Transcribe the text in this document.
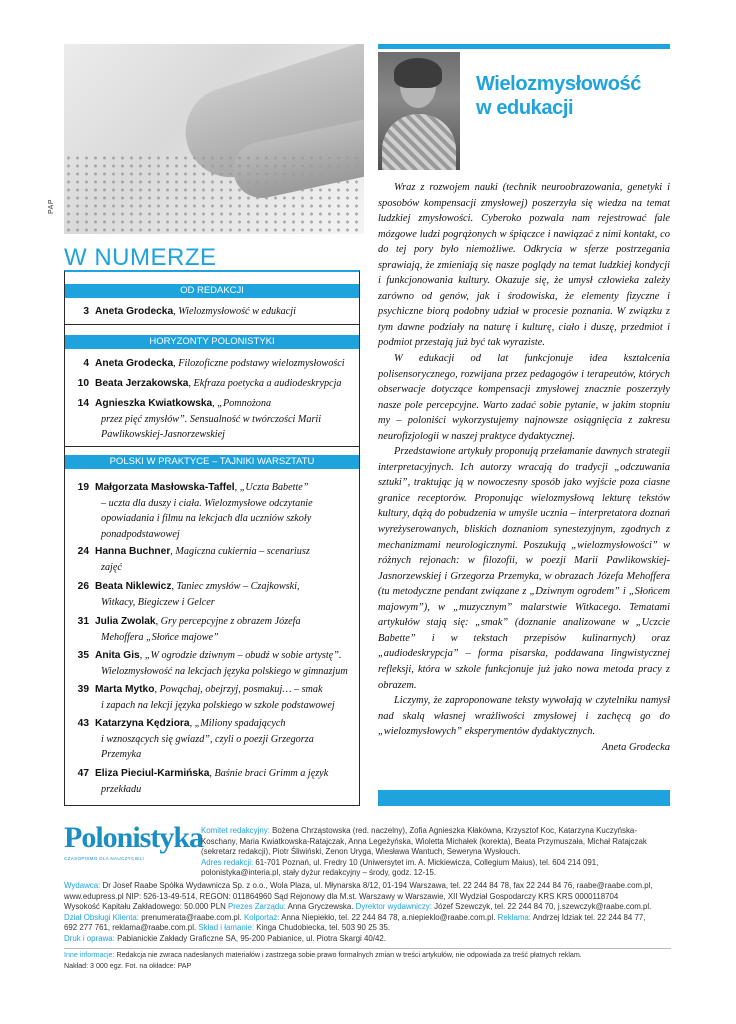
PAP
W NUMERZE
OD REDAKCJI
3 Aneta Grodecka, Wielozmysłowość w edukacji
HORYZONTY POLONISTYKI
4 Aneta Grodecka, Filozoficzne podstawy wielozmysłowości
10 Beata Jerzakowska, Ekfraza poetycka a audiodeskrypcja
14 Agnieszka Kwiatkowska, „Pomnożona
przez pięć zmysłów”. Sensualność w twórczości Marii
Pawlikowskiej-Jasnorzewskiej
POLSKI W PRAKTYCE – TAJNIKI WARSZTATU
19 Małgorzata Masłowska-Taffel, „Uczta Babette”
– uczta dla duszy i ciała. Wielozmysłowe odczytanie
opowiadania i filmu na lekcjach dla uczniów szkoły
ponadpodstawowej
24 Hanna Buchner, Magiczna cukiernia – scenariusz
zajęć
26 Beata Niklewicz, Taniec zmysłów – Czajkowski,
Witkacy, Biegiczew i Gelcer
31 Julia Zwolak, Gry percepcyjne z obrazem Józefa
Mehoffera „Słońce majowe”
35 Anita Gis, „W ogrodzie dziwnym – obudź w sobie artystę”.
Wielozmysłowość na lekcjach języka polskiego w gimnazjum
39 Marta Mytko, Powąchaj, obejrzyj, posmakuj… – smak
i zapach na lekcji języka polskiego w szkole podstawowej
43 Katarzyna Kędziora, „Miliony spadających
i wznoszących się gwiazd”, czyli o poezji Grzegorza
Przemyka
47 Eliza Pieciul-Karmińska, Baśnie braci Grimm a język
przekładu
Wielozmysłowość
w edukacji

Wraz z rozwojem nauki (technik neuroobrazowania, genetyki i sposobów kompensacji zmysłowej) poszerzyła się wiedza na temat ludzkiej zmysłowości. Cyberoko pozwala nam rejestrować fale mózgowe ludzi pogrążonych w śpiączce i nawiązać z nimi kontakt, co do tej pory było niemożliwe. Odkrycia w sferze postrzegania sprawiają, że zmieniają się nasze poglądy na temat ludzkiej kondycji i funkcjonowania kultury. Okazuje się, że umysł człowieka zależy zarówno od genów, jak i środowiska, że elementy fizyczne i psychiczne biorą podobny udział w procesie poznania. W związku z tym dawne podziały na naturę i kulturę, ciało i duszę, przedmiot i podmiot przestają już być tak wyraziste.

W edukacji od lat funkcjonuje idea kształcenia polisensorycznego, rozwijana przez pedagogów i terapeutów, których obserwacje dotyczące kompensacji zmysłowej znacznie poszerzyły nasze pole percepcyjne. Warto zadać sobie pytanie, w jakim stopniu my – poloniści wykorzystujemy najnowsze osiągnięcia z zakresu neurofizjologii w naszej praktyce dydaktycznej.

Przedstawione artykuły proponują przełamanie dawnych strategii interpretacyjnych. Ich autorzy wracają do tradycji „odczuwania sztuki”, traktując ją w nowoczesny sposób jako wyjście poza ciasne granice receptorów. Proponując wielozmysłową lekturę tekstów kultury, dążą do pobudzenia w umyśle ucznia – interpretatora doznań wyreżyserowanych, bliskich doznaniom synestezyjnym, zgodnych z mechanizmami neurologicznymi. Poszukują „wielozmysłowości” w różnych rejonach: w filozofii, w poezji Marii Pawlikowskiej-Jasnorzewskiej i Grzegorza Przemyka, w obrazach Józefa Mehoffera (tu metodyczne pendant związane z „Dziwnym ogrodem” i „Słońcem majowym”), w „muzycznym” malarstwie Witkacego. Tematami artykułów stają się: „smak” (doznanie analizowane w „Uczcie Babette” i w tekstach przepisów kulinarnych) oraz „audiodeskrypcja” – forma pisarska, poddawana lingwistycznej refleksji, która w szkole funkcjonuje już jako nowa metoda pracy z obrazem.

Liczymy, że zaproponowane teksty wywołają w czytelniku namysł nad skalą własnej wrażliwości zmysłowej i zachęcą go do „wielozmysłowych” eksperymentów dydaktycznych.

Aneta Grodecka
Polonistyka
CZASOPISMO DLA NAUCZYCIELI
Komitet redakcyjny: Bożena Chrząstowska (red. naczelny), Zofia Agnieszka Kłakówna, Krzysztof Koc, Katarzyna Kuczyńska-Koschany, Maria Kwiatkowska-Ratajczak, Anna Legeżyńska, Wioletta Michałek (korekta), Beata Przymuszała, Michał Ratajczak (sekretarz redakcji), Piotr Śliwiński, Zenon Uryga, Wiesława Wantuch, Seweryna Wysłouch.
Adres redakcji: 61-701 Poznań, ul. Fredry 10 (Uniwersytet im. A. Mickiewicza, Collegium Maius), tel. 604 214 091,
polonistyka@interia.pl, stały dyżur redakcyjny – środy, godz. 12-15.
Wydawca: Dr Josef Raabe Spółka Wydawnicza Sp. z o.o., Wola Plaza, ul. Młynarska 8/12, 01-194 Warszawa, tel. 22 244 84 78, fax 22 244 84 76, raabe@raabe.com.pl,
www.edupress.pl NIP: 526-13-49-514, REGON: 011864960 Sąd Rejonowy dla M.st. Warszawy w Warszawie, XII Wydział Gospodarczy KRS KRS 0000118704
Wysokość Kapitału Zakładowego: 50.000 PLN Prezes Zarządu: Anna Gryczewska. Dyrektor wydawniczy: Józef Szewczyk, tel. 22 244 84 70, j.szewczyk@raabe.com.pl.
Dział Obsługi Klienta: prenumerata@raabe.com.pl. Kolportaż: Anna Niepiekło, tel. 22 244 84 78, a.niepieklo@raabe.com.pl. Reklama: Andrzej Idziak tel. 22 244 84 77,
692 277 761, reklama@raabe.com.pl. Skład i łamanie: Kinga Chudobiecka, tel. 503 90 25 35.
Druk i oprawa: Pabianickie Zakłady Graficzne SA, 95-200 Pabianice, ul. Piotra Skargi 40/42.
Inne informacje: Redakcja nie zwraca nadesłanych materiałów i zastrzega sobie prawo formalnych zmian w treści artykułów, nie odpowiada za treść płatnych reklam.
Nakład: 3 000 egz. Fot. na okładce: PAP
